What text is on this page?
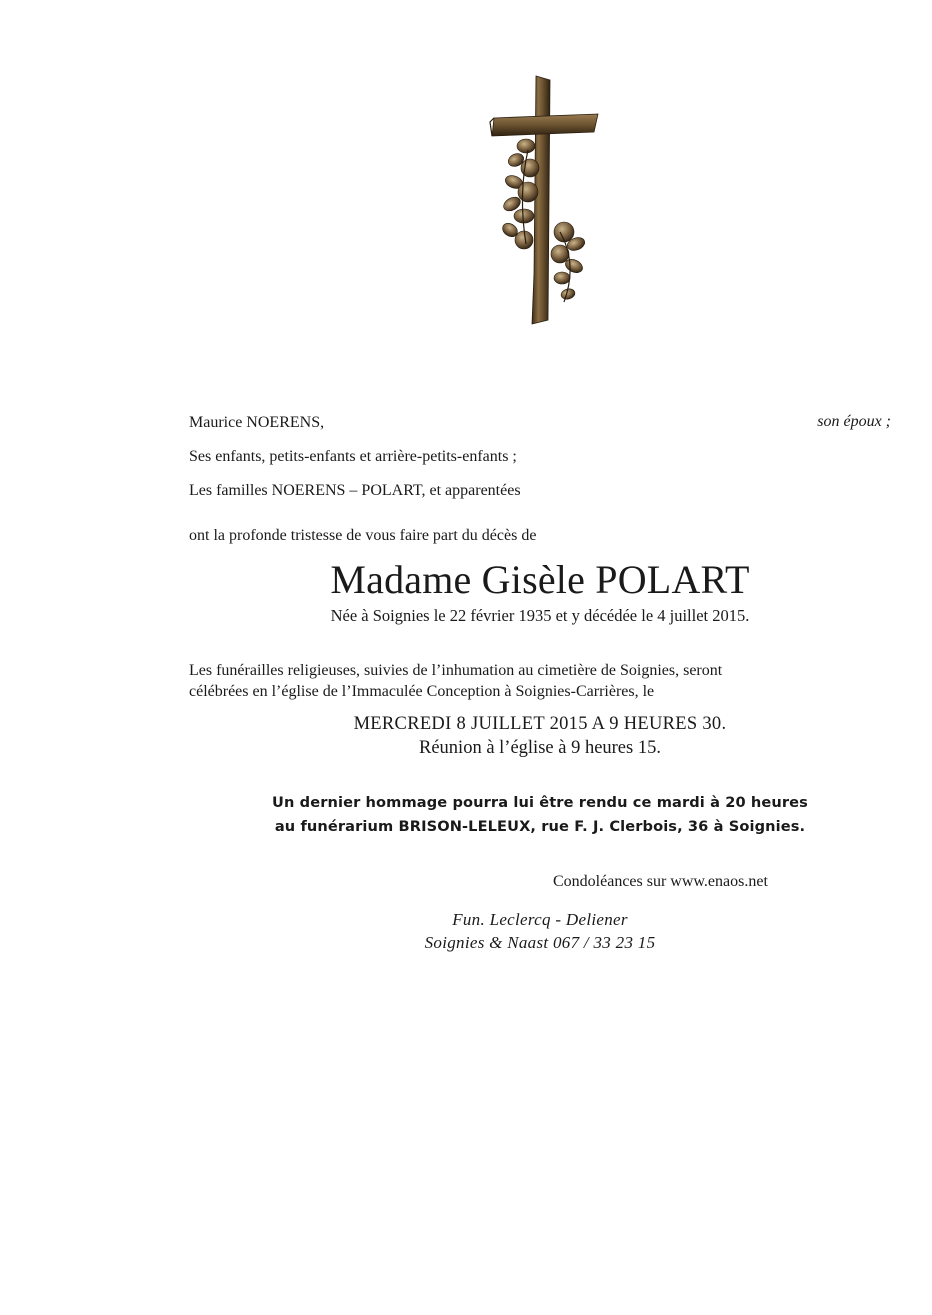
Maurice NOERENS,	son époux ;
Ses enfants, petits-enfants et arrière-petits-enfants ;
Les familles NOERENS – POLART, et apparentées
ont la profonde tristesse de vous faire part du décès de
Madame Gisèle POLART
Née à Soignies le 22 février 1935 et y décédée le 4 juillet 2015.
Les funérailles religieuses, suivies de l’inhumation au cimetière de Soignies, seront
célébrées en l’église de l’Immaculée Conception à Soignies-Carrières, le
MERCREDI 8 JUILLET 2015 A 9 HEURES 30.
Réunion à l’église à 9 heures 15.
Un dernier hommage pourra lui être rendu ce mardi à 20 heures
au funérarium BRISON-LELEUX, rue F. J. Clerbois, 36 à Soignies.
Condoléances sur www.enaos.net
Fun. Leclercq - Deliener
Soignies & Naast 067 / 33 23 15
